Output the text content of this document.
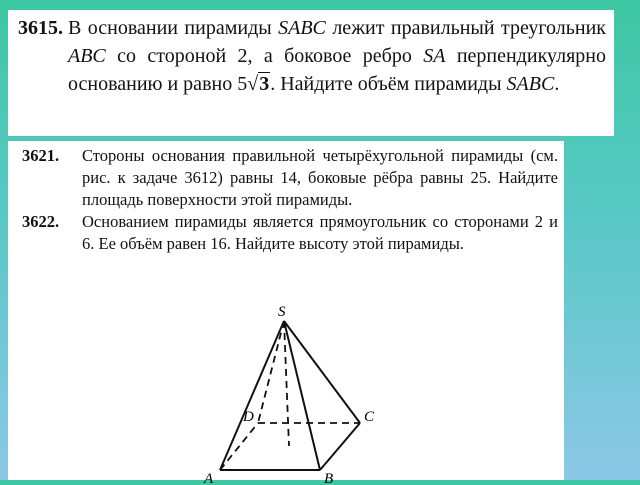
3615. В основании пирамиды SABC лежит правильный треугольник ABC со стороной 2, а боковое ребро SA перпендикулярно основанию и равно 5√3. Найдите объём пирамиды SABC.
3621.	Стороны основания правильной четырёхугольной пирамиды (см. рис. к задаче 3612) равны 14, боковые рёбра равны 25. Найдите площадь поверхности этой пирамиды.
3622.	Основанием пирамиды является прямоугольник со сторонами 2 и 6. Ее объём равен 16. Найдите высоту этой пирамиды.
S
D	C
A	B
